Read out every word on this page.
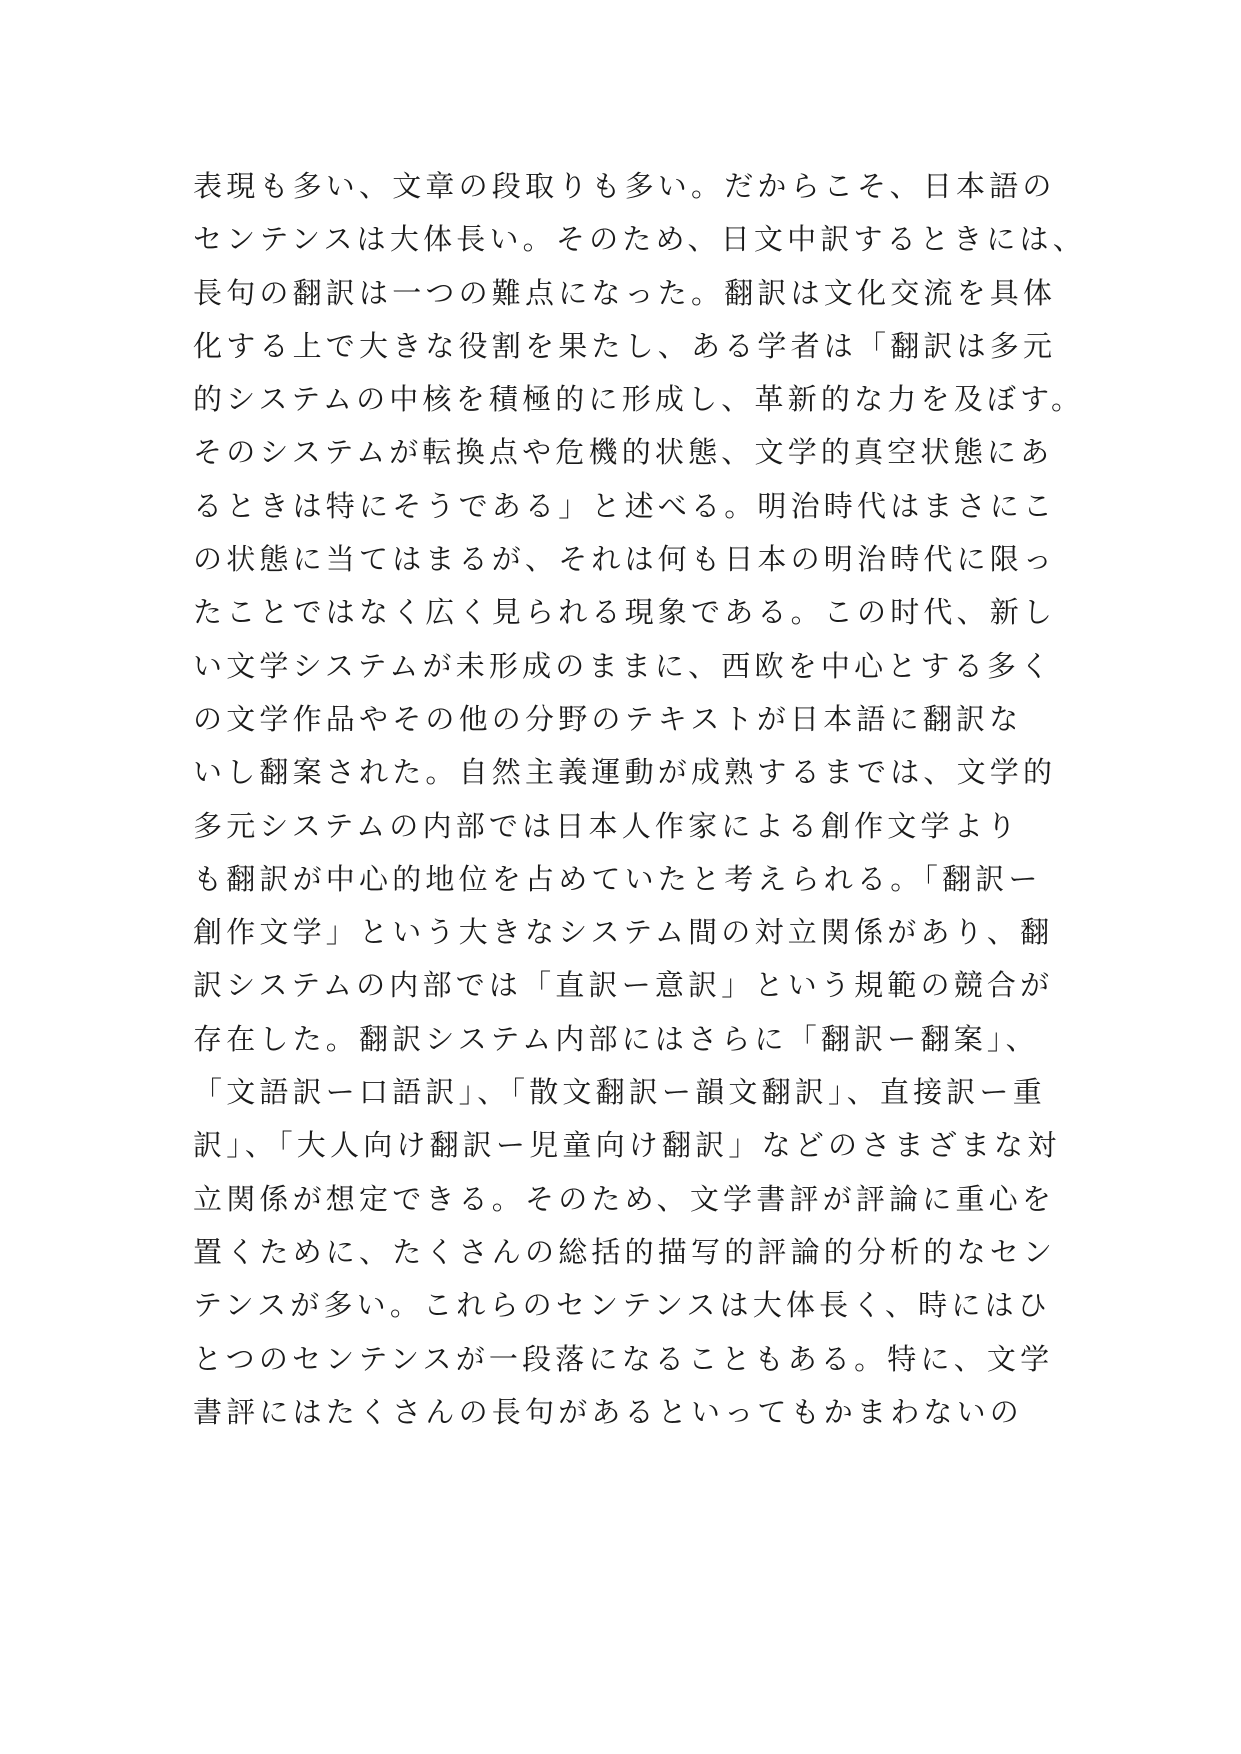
表現も多い、文章の段取りも多い。だからこそ、日本語の
センテンスは大体長い。そのため、日文中訳するときには、
長句の翻訳は一つの難点になった。翻訳は文化交流を具体
化する上で大きな役割を果たし、ある学者は「翻訳は多元
的システムの中核を積極的に形成し、革新的な力を及ぼす。
そのシステムが転換点や危機的状態、文学的真空状態にあ
るときは特にそうである」と述べる。明治時代はまさにこ
の状態に当てはまるが、それは何も日本の明治時代に限っ
たことではなく広く見られる現象である。この时代、新し
い文学システムが未形成のままに、西欧を中心とする多く
の文学作品やその他の分野のテキストが日本語に翻訳な
いし翻案された。自然主義運動が成熟するまでは、文学的
多元システムの内部では日本人作家による創作文学より
も翻訳が中心的地位を占めていたと考えられる。「翻訳ー
創作文学」という大きなシステム間の対立関係があり、翻
訳システムの内部では「直訳ー意訳」という規範の競合が
存在した。翻訳システム内部にはさらに「翻訳ー翻案」、
「文語訳ー口語訳」、「散文翻訳ー韻文翻訳」、直接訳ー重
訳」、「大人向け翻訳ー児童向け翻訳」などのさまざまな対
立関係が想定できる。そのため、文学書評が評論に重心を
置くために、たくさんの総括的描写的評論的分析的なセン
テンスが多い。これらのセンテンスは大体長く、時にはひ
とつのセンテンスが一段落になることもある。特に、文学
書評にはたくさんの長句があるといってもかまわないの
